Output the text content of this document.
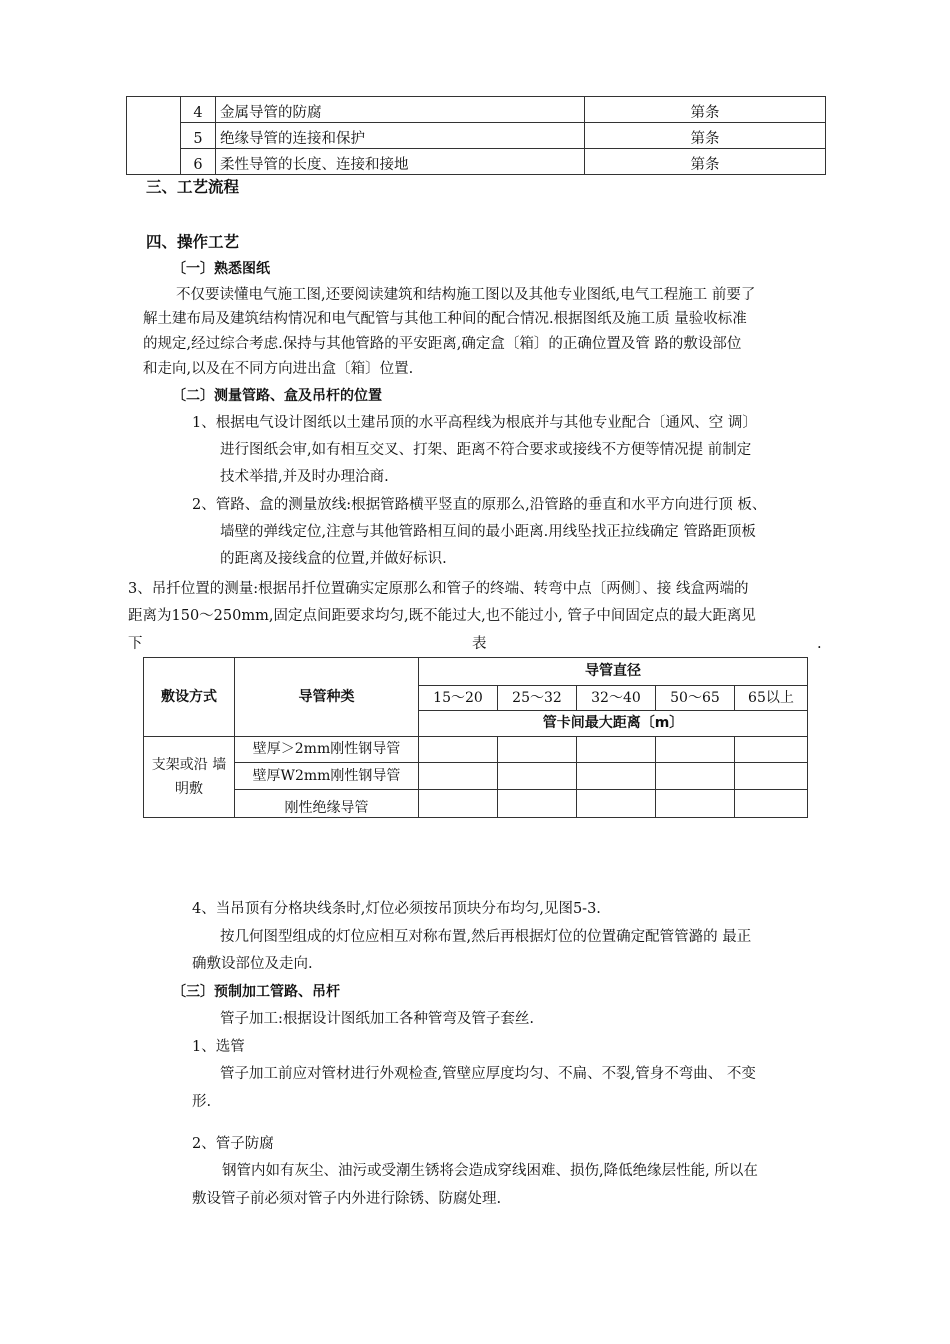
	4	金属导管的防腐	第条
	5	绝缘导管的连接和保护	第条
	6	柔性导管的长度、连接和接地	第条
三、工艺流程
四、操作工艺
〔一〕熟悉图纸
不仅要读懂电气施工图,还要阅读建筑和结构施工图以及其他专业图纸,电气工程施工 前要了
解土建布局及建筑结构情况和电气配管与其他工种间的配合情况.根据图纸及施工质 量验收标准
的规定,经过综合考虑.保持与其他管路的平安距离,确定盒〔箱〕的正确位置及管 路的敷设部位
和走向,以及在不同方向进出盒〔箱〕位置.
〔二〕测量管路、盒及吊杆的位置
1、根据电气设计图纸以土建吊顶的水平高程线为根底并与其他专业配合〔通风、空 调〕
进行图纸会审,如有相互交叉、打架、距离不符合要求或接线不方便等情况提 前制定
技术举措,并及时办理洽商.
2、管路、盒的测量放线:根据管路横平竖直的原那么,沿管路的垂直和水平方向进行顶 板、
墙壁的弹线定位,注意与其他管路相互间的最小距离.用线坠找正拉线确定 管路距顶板
的距离及接线盒的位置,并做好标识.
3、吊扦位置的测量:根据吊扦位置确实定原那么和管子的终端、转弯中点〔两侧〕、接 线盒两端的
距离为150〜250mm,固定点间距要求均匀,既不能过大,也不能过小, 管子中间固定点的最大距离见
下	表	.
敷设方式	导管种类	导管直径				
		15〜20	25〜32	32〜40	50〜65	65以上
		管卡间最大距离〔m〕				

支架或沿 墙
明敷	壁厚＞2mm刚性钢导管					
	壁厚W2mm刚性钢导管					
	刚性绝缘导管					
4、当吊顶有分格块线条时,灯位必须按吊顶块分布均匀,见图5-3.
按几何图型组成的灯位应相互对称布置,然后再根据灯位的位置确定配管管潞的 最正
确敷设部位及走向.
〔三〕预制加工管路、吊杆
管子加工:根据设计图纸加工各种管弯及管子套丝.
1、选管
管子加工前应对管材进行外观检查,管壁应厚度均匀、不扁、不裂,管身不弯曲、 不变
形.
2、管子防腐
钢管内如有灰尘、油污或受潮生锈将会造成穿线困难、损伤,降低绝缘层性能, 所以在
敷设管子前必须对管子内外进行除锈、防腐处理.
